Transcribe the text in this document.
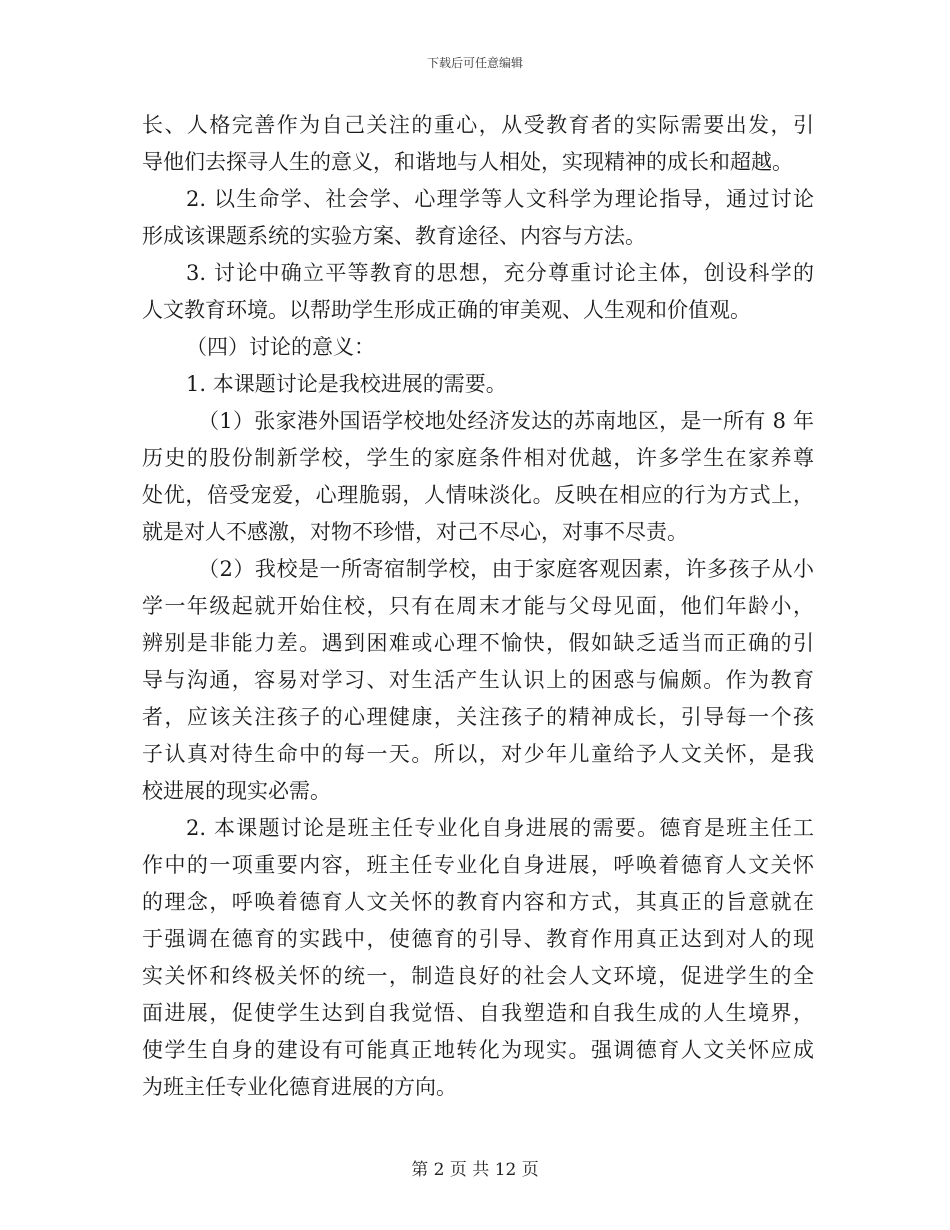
下载后可任意编辑
长、人格完善作为自己关注的重心，从受教育者的实际需要出发，引
导他们去探寻人生的意义，和谐地与人相处，实现精神的成长和超越。
2. 以生命学、社会学、心理学等人文科学为理论指导，通过讨论
形成该课题系统的实验方案、教育途径、内容与方法。
3. 讨论中确立平等教育的思想，充分尊重讨论主体，创设科学的
人文教育环境。以帮助学生形成正确的审美观、人生观和价值观。
（四）讨论的意义：
1. 本课题讨论是我校进展的需要。
（1）张家港外国语学校地处经济发达的苏南地区，是一所有 8 年
历史的股份制新学校，学生的家庭条件相对优越，许多学生在家养尊
处优，倍受宠爱，心理脆弱，人情味淡化。反映在相应的行为方式上，
就是对人不感激，对物不珍惜，对己不尽心，对事不尽责。
（2）我校是一所寄宿制学校，由于家庭客观因素，许多孩子从小
学一年级起就开始住校，只有在周末才能与父母见面，他们年龄小，
辨别是非能力差。遇到困难或心理不愉快，假如缺乏适当而正确的引
导与沟通，容易对学习、对生活产生认识上的困惑与偏颇。作为教育
者，应该关注孩子的心理健康，关注孩子的精神成长，引导每一个孩
子认真对待生命中的每一天。所以，对少年儿童给予人文关怀，是我
校进展的现实必需。
2. 本课题讨论是班主任专业化自身进展的需要。德育是班主任工
作中的一项重要内容，班主任专业化自身进展，呼唤着德育人文关怀
的理念，呼唤着德育人文关怀的教育内容和方式，其真正的旨意就在
于强调在德育的实践中，使德育的引导、教育作用真正达到对人的现
实关怀和终极关怀的统一，制造良好的社会人文环境，促进学生的全
面进展，促使学生达到自我觉悟、自我塑造和自我生成的人生境界，
使学生自身的建设有可能真正地转化为现实。强调德育人文关怀应成
为班主任专业化德育进展的方向。
第 2 页 共 12 页
